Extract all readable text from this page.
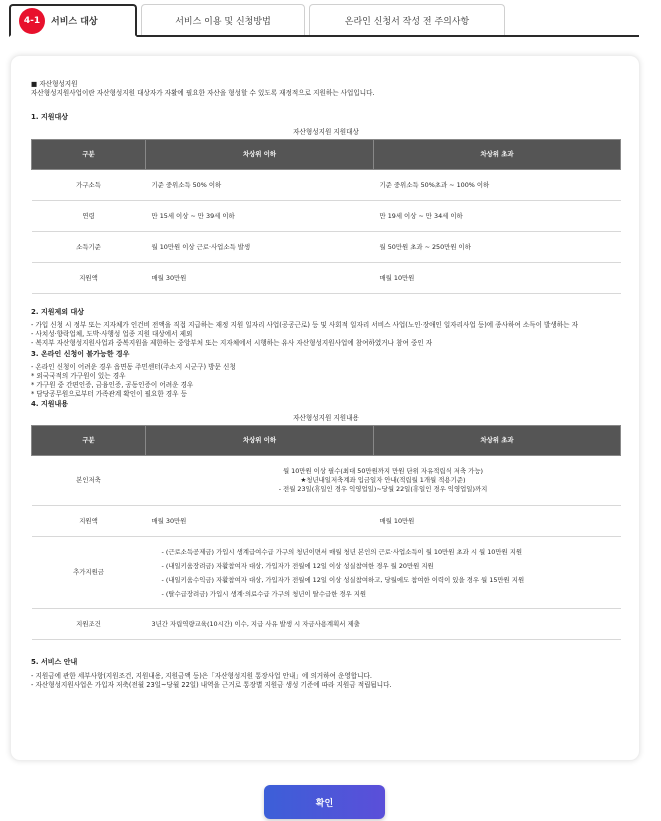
4-1	서비스 대상	서비스 이용 및 신청방법	온라인 신청서 작성 전 주의사항
■ 자산형성지원
자산형성지원사업이란 자산형성지원 대상자가 자활에 필요한 자산을 형성할 수 있도록 재정적으로 지원하는 사업입니다.
1. 지원대상
자산형성지원 지원대상
구분	차상위 이하	차상위 초과
가구소득	기준 중위소득 50% 이하	기준 중위소득 50%초과 ~ 100% 이하
연령	만 15세 이상 ~ 만 39세 이하	만 19세 이상 ~ 만 34세 이하
소득기준	월 10만원 이상 근로·사업소득 발생	월 50만원 초과 ~ 250만원 이하
지원액	매월 30만원	매월 10만원
2. 지원제외 대상
- 가입 신청 시 정부 또는 지자체가 인건비 전액을 직접 지급하는 재정 지원 일자리 사업(공공근로) 등 및 사회적 일자리 서비스 사업(노인·장애인 일자리사업 등)에 종사하여 소득이 발생하는 자
- 사치성·향락업체, 도박·사행성 업종 지원 대상에서 제외
- 복지부 자산형성지원사업과 중복지원을 제한하는 중앙부처 또는 지자체에서 시행하는 유사 자산형성지원사업에 참여하였거나 참여 중인 자
3. 온라인 신청이 불가능한 경우
- 온라인 신청이 어려운 경우 읍면동 주민센터(주소지 시군구) 방문 신청
* 외국국적의 가구원이 있는 경우
* 가구원 중 간편인증, 금융인증, 공동인증이 어려운 경우
* 담당공무원으로부터 가족관계 확인이 필요한 경우 등
4. 지원내용
자산형성지원 지원내용
구분	차상위 이하	차상위 초과
본인저축	월 10만원 이상 필수(최대 50만원까지 만원 단위 자유적립식 저축 가능)
★청년내일저축계좌 입금일자 안내(적립월 1개월 적용기준)
- 전월 23일(휴일인 경우 익영업일)~당월 22일(휴일인 경우 익영업일)까지	

지원액	매월 30만원	매월 10만원
추가지원금	- (근로소득공제금) 가입시 생계급여수급 가구의 청년이면서 매월 청년 본인의 근로·사업소득이 월 10만원 초과 시 월 10만원 지원
- (내일키움장려금) 자활참여자 대상, 가입자가 전월에 12일 이상 성실참여한 경우 월 20만원 지원
- (내일키움수익금) 자활참여자 대상, 가입자가 전월에 12일 이상 성실참여하고, 당월에도 참여한 이력이 있을 경우 월 15만원 지원
- (탈수급장려금) 가입시 생계·의료수급 가구의 청년이 탈수급한 경우 지원	

지원조건	3년간 자립역량교육(10시간) 이수, 지급 사유 발생 시 자금사용계획서 제출	
5. 서비스 안내
- 지원금에 관한 세부사항(지원조건, 지원내용, 지원금액 등)은「자산형성지원 통장사업 안내」에 의거하여 운영합니다.
- 자산형성지원사업은 가입자 저축(전월 23일~당월 22일) 내역을 근거로 통장별 지원금 생성 기준에 따라 지원금 적립됩니다.
확인
